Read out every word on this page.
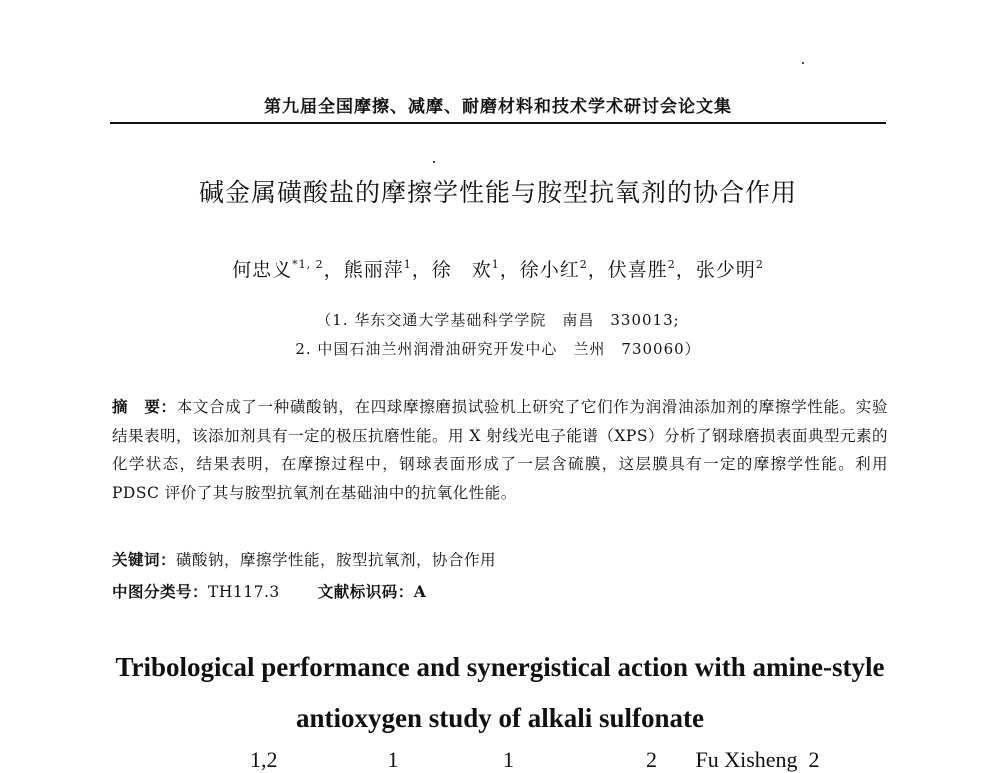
第九届全国摩擦、减摩、耐磨材料和技术学术研讨会论文集
碱金属磺酸盐的摩擦学性能与胺型抗氧剂的协合作用
何忠义$^{*1, 2}$，熊丽萍$^1$，徐　欢$^1$，徐小红$^2$，伏喜胜$^2$，张少明$^2$
（1. 华东交通大学基础科学学院　南昌　330013;
2. 中国石油兰州润滑油研究开发中心　兰州　730060）
摘　要：本文合成了一种磺酸钠，在四球摩擦磨损试验机上研究了它们作为润滑油添加剂的摩擦学性能。实验结果表明，该添加剂具有一定的极压抗磨性能。用 X 射线光电子能谱（XPS）分析了钢球磨损表面典型元素的化学状态，结果表明，在摩擦过程中，钢球表面形成了一层含硫膜，这层膜具有一定的摩擦学性能。利用 PDSC 评价了其与胺型抗氧剂在基础油中的抗氧化性能。
关键词：磺酸钠，摩擦学性能，胺型抗氧剂，协合作用
中图分类号：TH117.3 文献标识码：A
Tribological performance and synergistical action with amine-style
antioxygen study of alkali sulfonate
1,2                    1                   1                        2       Fu Xisheng  2
